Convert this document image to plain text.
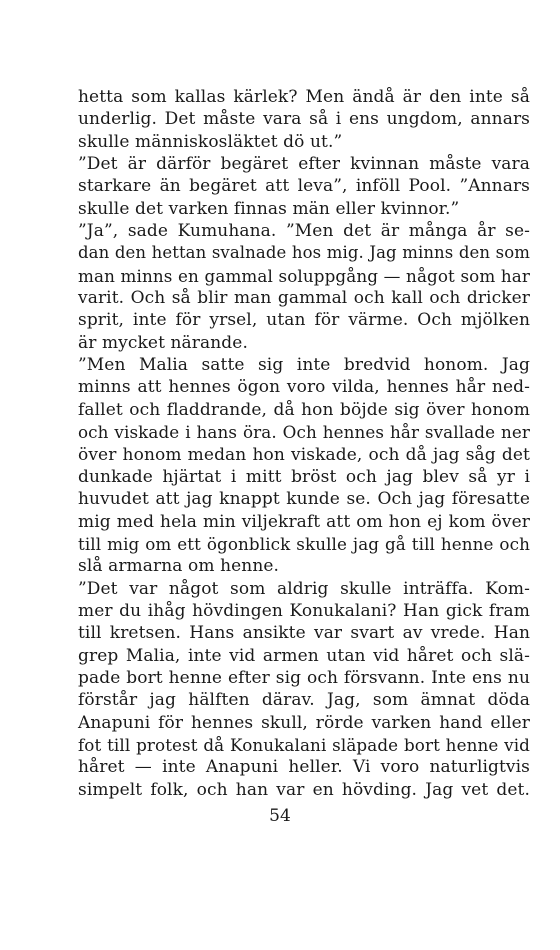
hetta som kallas kärlek? Men ändå är den inte så
underlig. Det måste vara så i ens ungdom, annars
skulle människosläktet dö ut.”
”Det är därför begäret efter kvinnan måste vara
starkare än begäret att leva”, inföll Pool. ”Annars
skulle det varken finnas män eller kvinnor.”
”Ja”, sade Kumuhana. ”Men det är många år se-
dan den hettan svalnade hos mig. Jag minns den som
man minns en gammal soluppgång — något som har
varit. Och så blir man gammal och kall och dricker
sprit, inte för yrsel, utan för värme. Och mjölken
är mycket närande.
”Men Malia satte sig inte bredvid honom. Jag
minns att hennes ögon voro vilda, hennes hår ned-
fallet och fladdrande, då hon böjde sig över honom
och viskade i hans öra. Och hennes hår svallade ner
över honom medan hon viskade, och då jag såg det
dunkade hjärtat i mitt bröst och jag blev så yr i
huvudet att jag knappt kunde se. Och jag föresatte
mig med hela min viljekraft att om hon ej kom över
till mig om ett ögonblick skulle jag gå till henne och
slå armarna om henne.
”Det var något som aldrig skulle inträffa. Kom-
mer du ihåg hövdingen Konukalani? Han gick fram
till kretsen. Hans ansikte var svart av vrede. Han
grep Malia, inte vid armen utan vid håret och slä-
pade bort henne efter sig och försvann. Inte ens nu
förstår jag hälften därav. Jag, som ämnat döda
Anapuni för hennes skull, rörde varken hand eller
fot till protest då Konukalani släpade bort henne vid
håret — inte Anapuni heller. Vi voro naturligtvis
simpelt folk, och han var en hövding. Jag vet det.
54
